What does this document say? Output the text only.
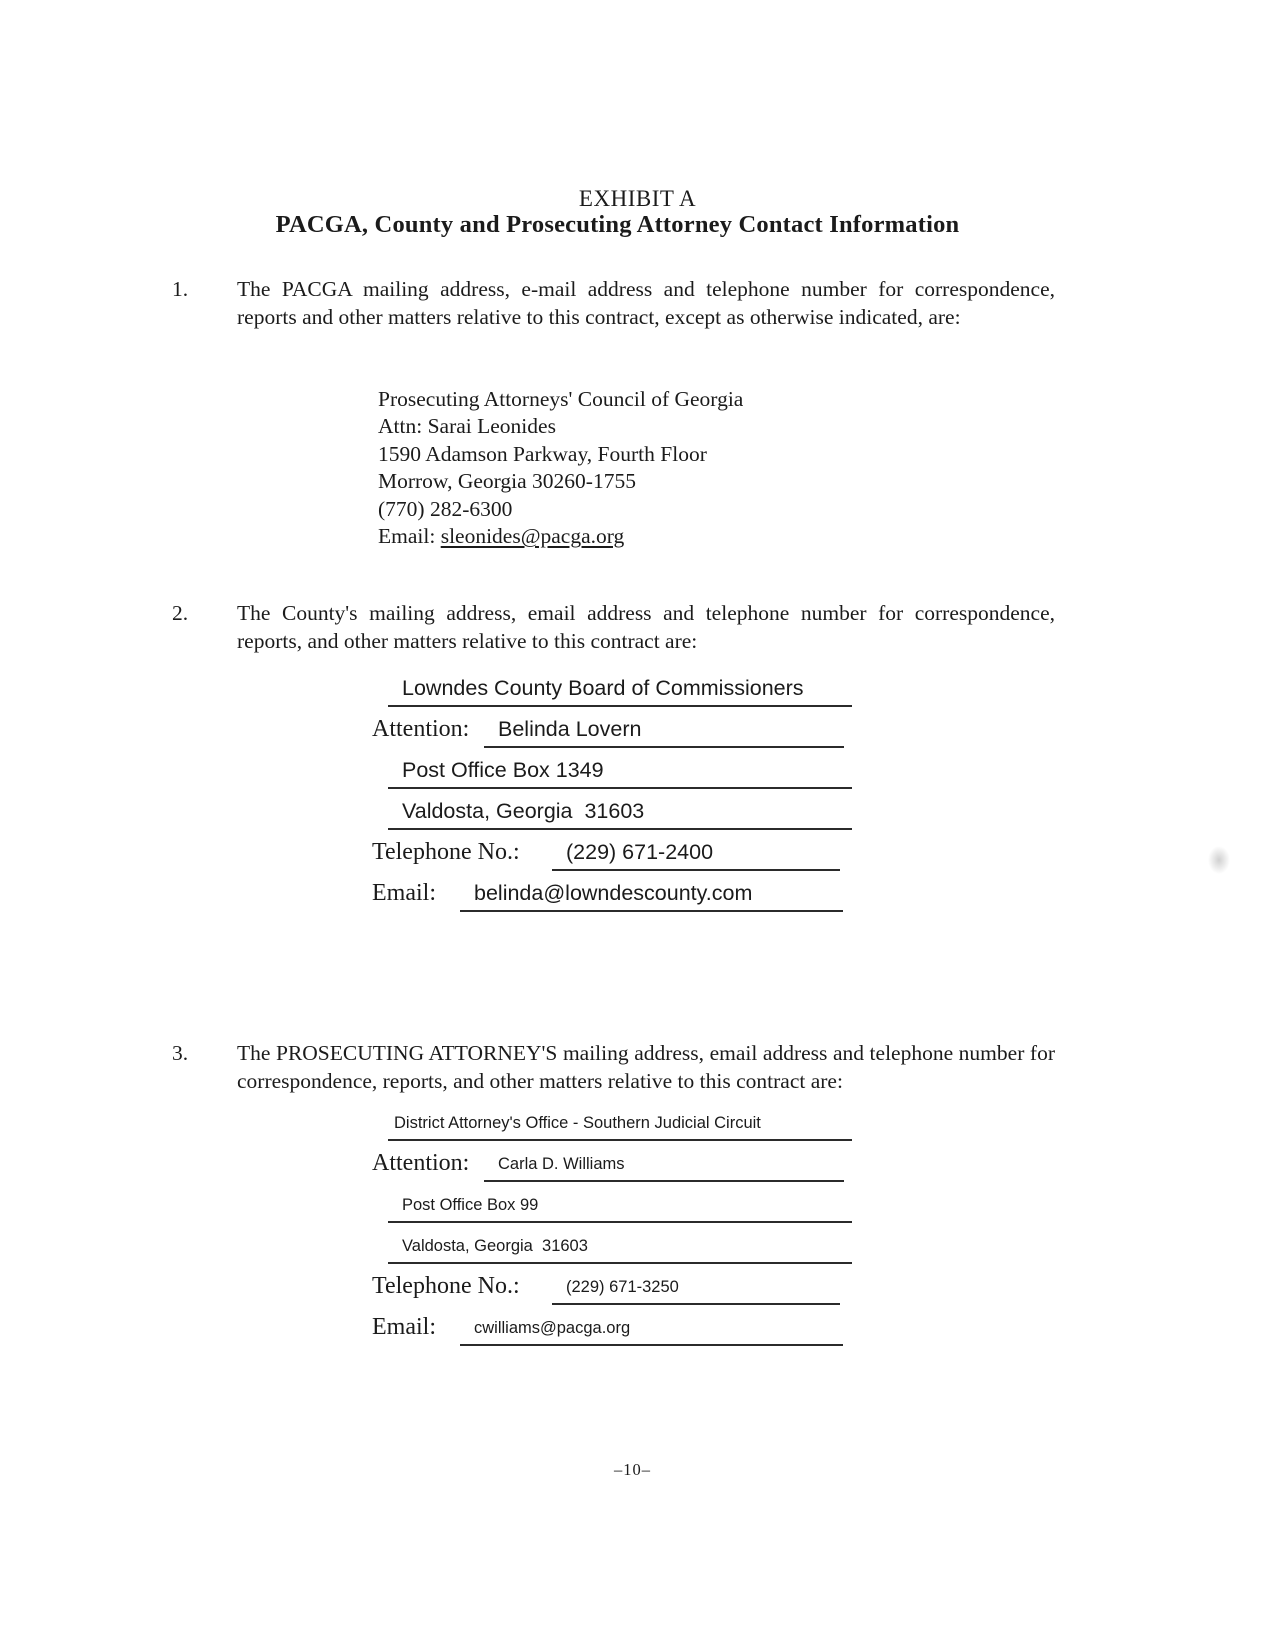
EXHIBIT A
PACGA, County and Prosecuting Attorney Contact Information
1. The PACGA mailing address, e-mail address and telephone number for correspondence, reports and other matters relative to this contract, except as otherwise indicated, are:

Prosecuting Attorneys' Council of Georgia
Attn: Sarai Leonides
1590 Adamson Parkway, Fourth Floor
Morrow, Georgia 30260-1755
(770) 282-6300
Email: sleonides@pacga.org
2. The County's mailing address, email address and telephone number for correspondence, reports, and other matters relative to this contract are:

Lowndes County Board of Commissioners
Attention:	Belinda Lovern
Post Office Box 1349
Valdosta, Georgia  31603
Telephone No.:	(229) 671-2400
Email:	belinda@lowndescounty.com
3. The PROSECUTING ATTORNEY'S mailing address, email address and telephone number for correspondence, reports, and other matters relative to this contract are:

District Attorney's Office - Southern Judicial Circuit
Attention:	Carla D. Williams
Post Office Box 99
Valdosta, Georgia  31603
Telephone No.:	(229) 671-3250
Email:	cwilliams@pacga.org
–10–
